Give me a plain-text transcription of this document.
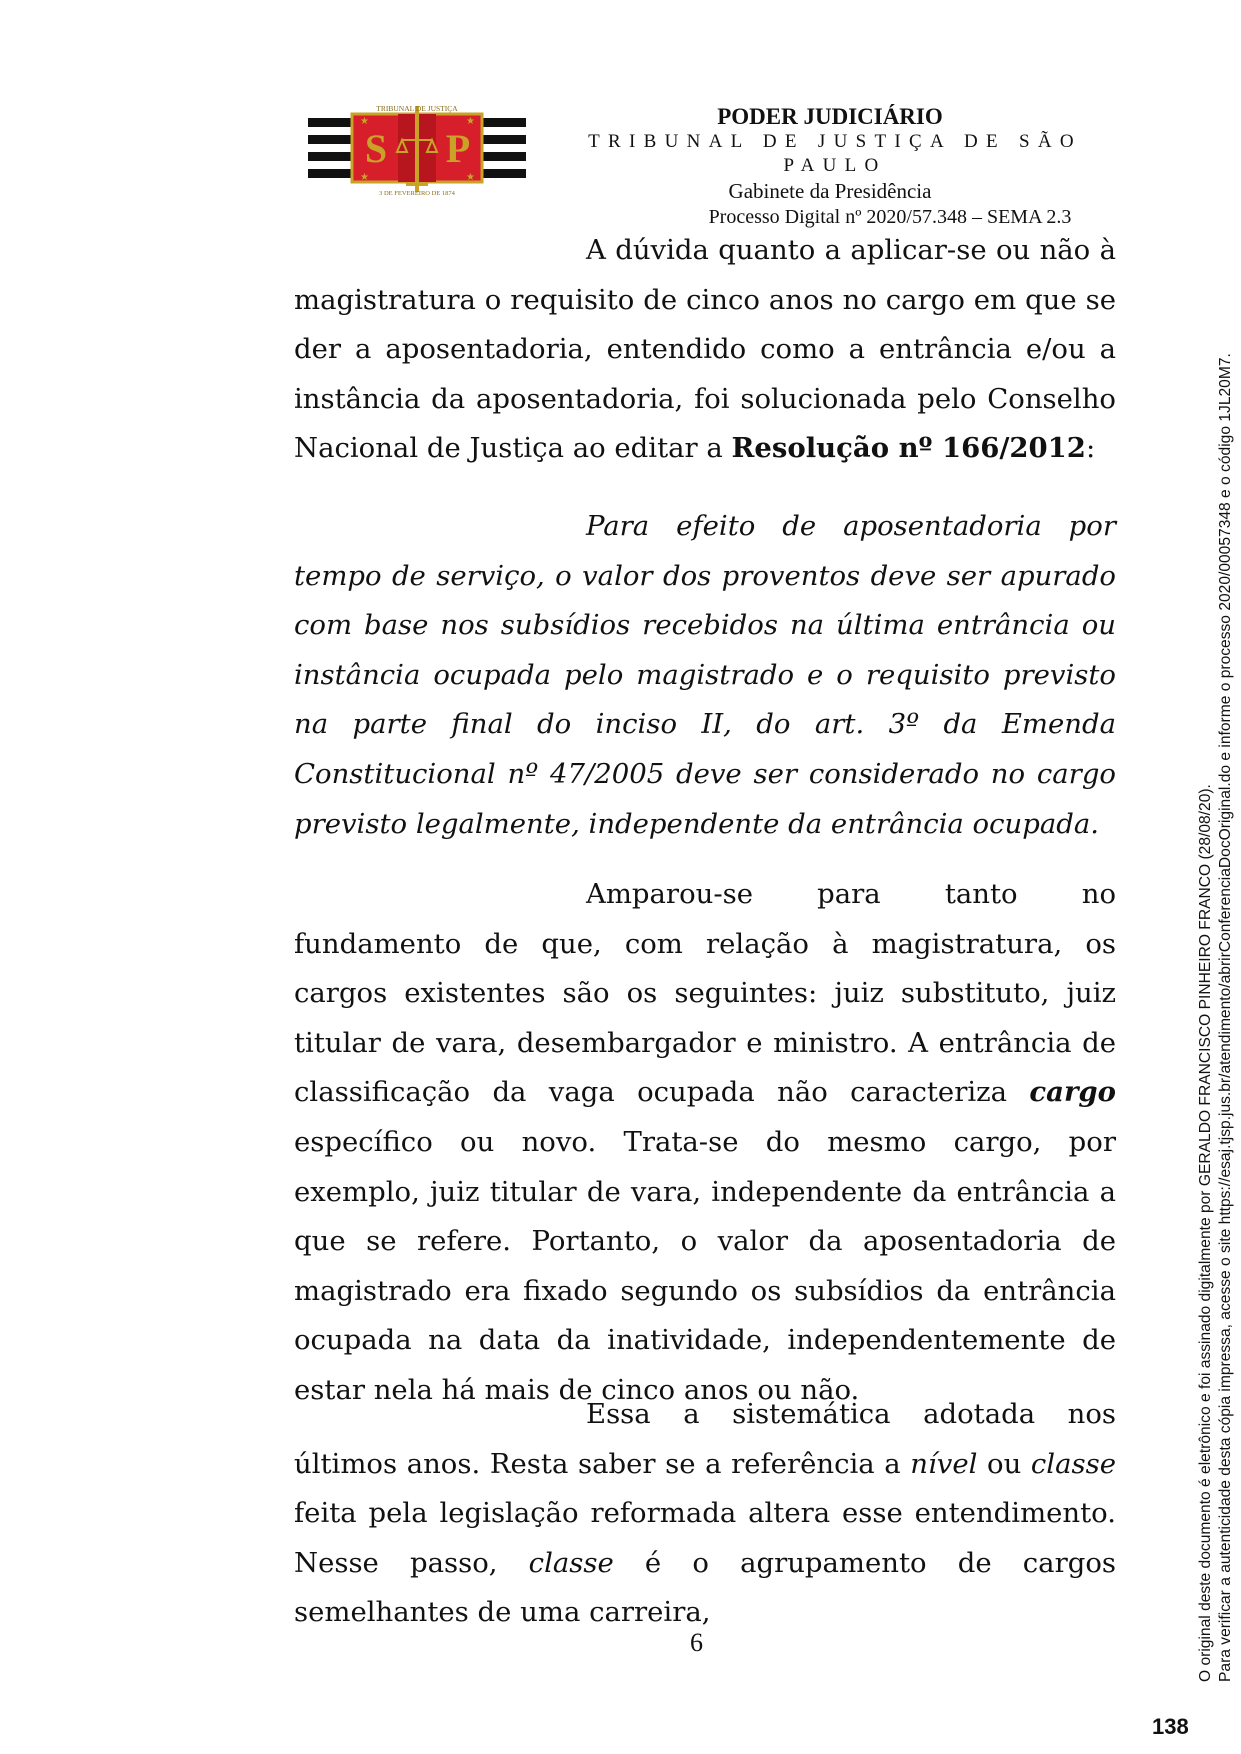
S P
★	★
★	★
TRIBUNAL DE JUSTIÇA
3 DE FEVEREIRO DE 1874
PODER JUDICIÁRIO
TRIBUNAL DE JUSTIÇA DE SÃO PAULO
Gabinete da Presidência
Processo Digital nº 2020/57.348 – SEMA 2.3

A dúvida quanto a aplicar-se ou não à magistratura o requisito de cinco anos no cargo em que se der a aposentadoria, entendido como a entrância e/ou a instância da aposentadoria, foi solucionada pelo Conselho Nacional de Justiça ao editar a Resolução nº 166/2012:

Para efeito de aposentadoria por tempo de serviço, o valor dos proventos deve ser apurado com base nos subsídios recebidos na última entrância ou instância ocupada pelo magistrado e o requisito previsto na parte final do inciso II, do art. 3º da Emenda Constitucional nº 47/2005 deve ser considerado no cargo previsto legalmente, independente da entrância ocupada.

Amparou-se para tanto no fundamento de que, com relação à magistratura, os cargos existentes são os seguintes: juiz substituto, juiz titular de vara, desembargador e ministro. A entrância de classificação da vaga ocupada não caracteriza cargo específico ou novo. Trata-se do mesmo cargo, por exemplo, juiz titular de vara, independente da entrância a que se refere. Portanto, o valor da aposentadoria de magistrado era fixado segundo os subsídios da entrância ocupada na data da inatividade, independentemente de estar nela há mais de cinco anos ou não.

Essa a sistemática adotada nos últimos anos. Resta saber se a referência a nível ou classe feita pela legislação reformada altera esse entendimento. Nesse passo, classe é o agrupamento de cargos semelhantes de uma carreira,

6
138
O original deste documento é eletrônico e foi assinado digitalmente por GERALDO FRANCISCO PINHEIRO FRANCO (28/08/20). Para verificar a autenticidade desta cópia impressa, acesse o site https://esaj.tjsp.jus.br/atendimento/abrirConferenciaDocOriginal.do e informe o processo 2020/00057348 e o código 1JL20M7.
